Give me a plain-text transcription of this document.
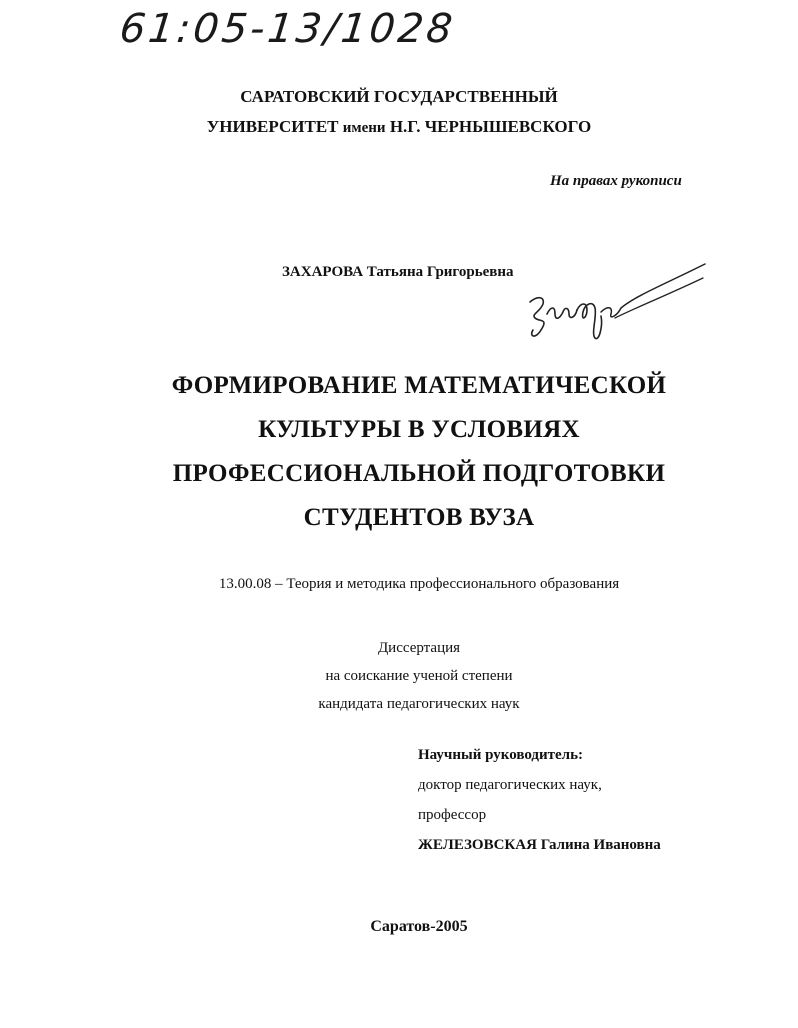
61:05-13/1028
САРАТОВСКИЙ ГОСУДАРСТВЕННЫЙ
УНИВЕРСИТЕТ имени Н.Г. ЧЕРНЫШЕВСКОГО
На правах рукописи
ЗАХАРОВА Татьяна Григорьевна
ФОРМИРОВАНИЕ МАТЕМАТИЧЕСКОЙ
КУЛЬТУРЫ В УСЛОВИЯХ
ПРОФЕССИОНАЛЬНОЙ ПОДГОТОВКИ
СТУДЕНТОВ ВУЗА
13.00.08 – Теория и методика профессионального образования
Диссертация
на соискание ученой степени
кандидата педагогических наук
Научный руководитель:
доктор педагогических наук,
профессор
ЖЕЛЕЗОВСКАЯ Галина Ивановна
Саратов-2005
